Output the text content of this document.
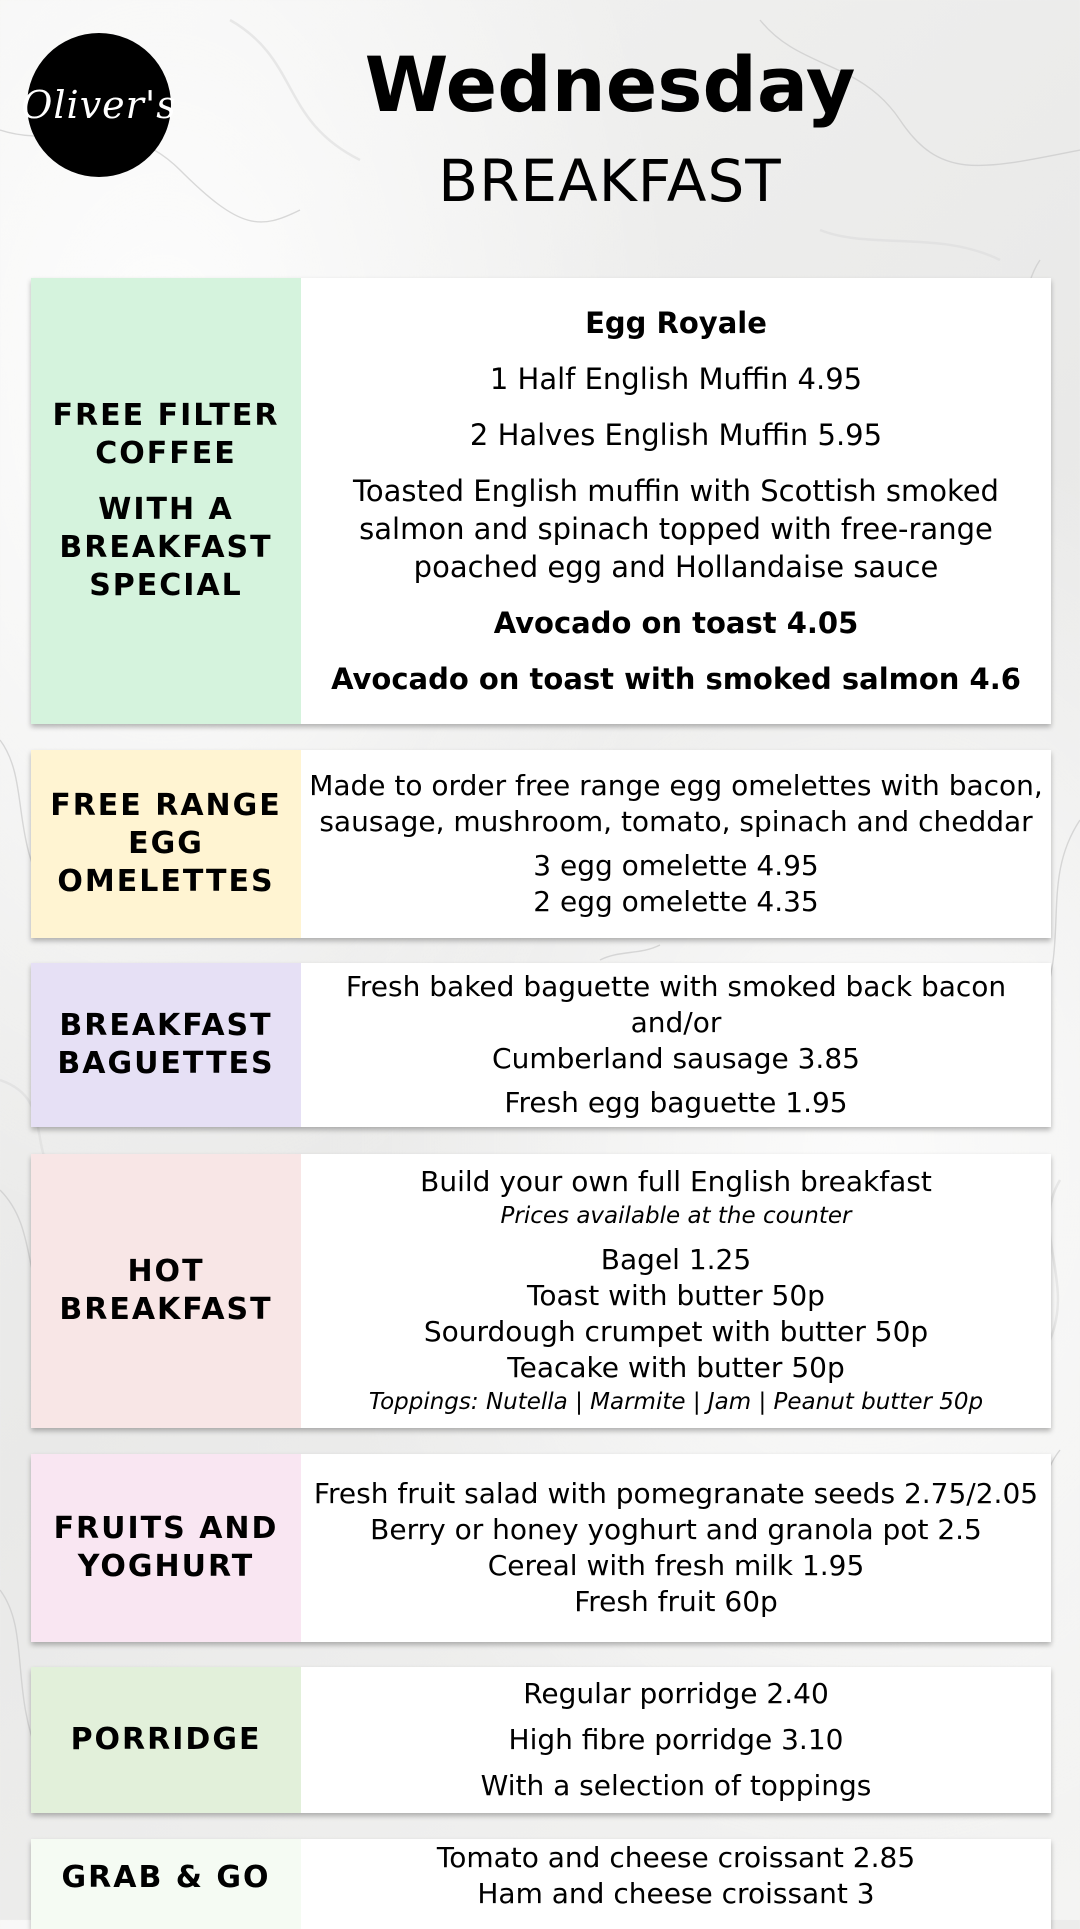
Oliver's	Wednesday
BREAKFAST
FREE FILTER
COFFEE
WITH A
BREAKFAST
SPECIAL
Egg Royale
1 Half English Muffin 4.95
2 Halves English Muffin 5.95
Toasted English muffin with Scottish smoked
salmon and spinach topped with free-range
poached egg and Hollandaise sauce
Avocado on toast 4.05
Avocado on toast with smoked salmon 4.6
FREE RANGE
EGG
OMELETTES
Made to order free range egg omelettes with bacon,
sausage, mushroom, tomato, spinach and cheddar
3 egg omelette 4.95
2 egg omelette 4.35
BREAKFAST
BAGUETTES
Fresh baked baguette with smoked back bacon and/or
Cumberland sausage 3.85
Fresh egg baguette 1.95
HOT
BREAKFAST
Build your own full English breakfast
Prices available at the counter
Bagel 1.25
Toast with butter 50p
Sourdough crumpet with butter 50p
Teacake with butter 50p
Toppings: Nutella | Marmite | Jam | Peanut butter 50p
FRUITS AND
YOGHURT
Fresh fruit salad with pomegranate seeds 2.75/2.05
Berry or honey yoghurt and granola pot 2.5
Cereal with fresh milk 1.95
Fresh fruit 60p
PORRIDGE
Regular porridge 2.40
High fibre porridge 3.10
With a selection of toppings
GRAB & GO
Tomato and cheese croissant 2.85
Ham and cheese croissant 3
